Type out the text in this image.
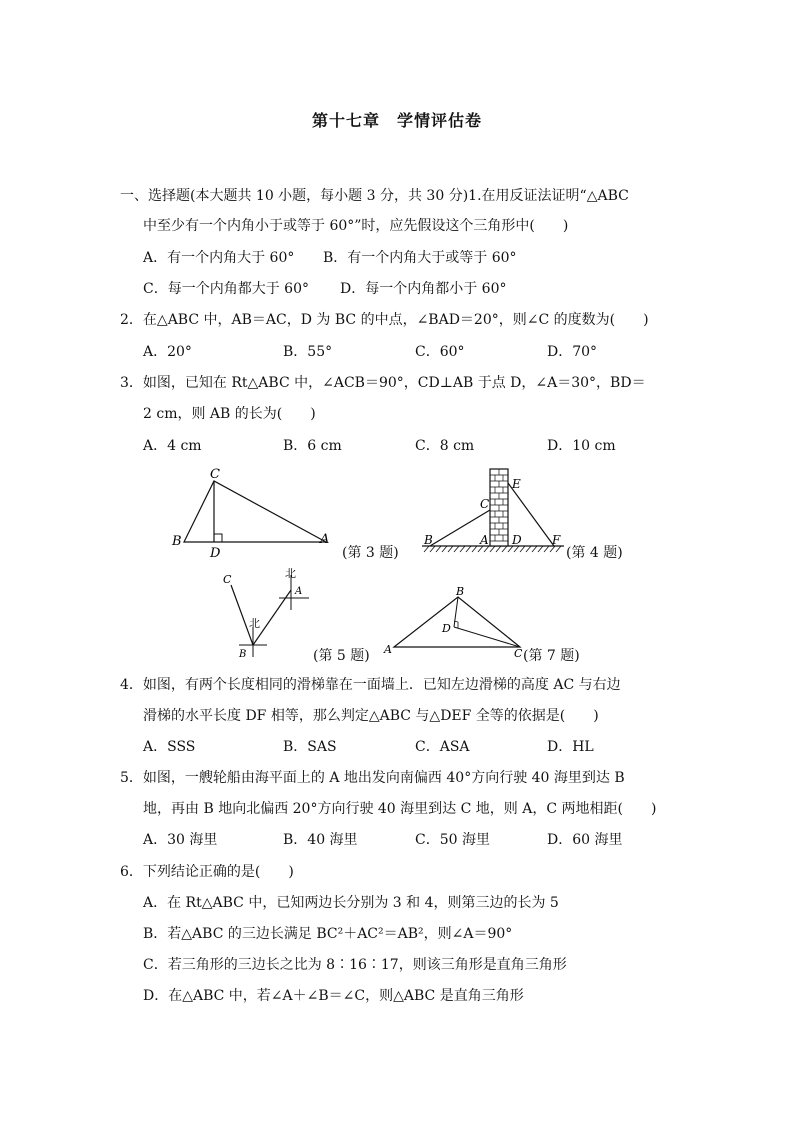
第十七章　学情评估卷
一、选择题(本大题共 10 小题，每小题 3 分，共 30 分)1.在用反证法证明“△ABC
中至少有一个内角小于或等于 60°”时，应先假设这个三角形中(　　)
A．有一个内角大于 60° B．有一个内角大于或等于 60°
C．每一个内角都大于 60° D．每一个内角都小于 60°
2．在△ABC 中，AB＝AC，D 为 BC 的中点，∠BAD＝20°，则∠C 的度数为(　　)
A．20°	B．55°	C．60°	D．70°
3．如图，已知在 Rt△ABC 中，∠ACB＝90°，CD⊥AB 于点 D，∠A＝30°，BD＝
2 cm，则 AB 的长为(　　)
A．4 cm	B．6 cm	C．8 cm	D．10 cm
C
B
D
A
(第 3 题)
C
E
B	A D	F
(第 4 题)
C	北
A
北
B	(第 5 题)
B
D
A	C (第 7 题)
4．如图，有两个长度相同的滑梯靠在一面墙上．已知左边滑梯的高度 AC 与右边
滑梯的水平长度 DF 相等，那么判定△ABC 与△DEF 全等的依据是(　　)
A．SSS	B．SAS	C．ASA	D．HL
5．如图，一艘轮船由海平面上的 A 地出发向南偏西 40°方向行驶 40 海里到达 B
地，再由 B 地向北偏西 20°方向行驶 40 海里到达 C 地，则 A，C 两地相距(　　)
A．30 海里	B．40 海里	C．50 海里	D．60 海里
6．下列结论正确的是(　　)
A．在 Rt△ABC 中，已知两边长分别为 3 和 4，则第三边的长为 5
B．若△ABC 的三边长满足 BC²＋AC²＝AB²，则∠A＝90°
C．若三角形的三边长之比为 8∶16∶17，则该三角形是直角三角形
D．在△ABC 中，若∠A＋∠B＝∠C，则△ABC 是直角三角形
